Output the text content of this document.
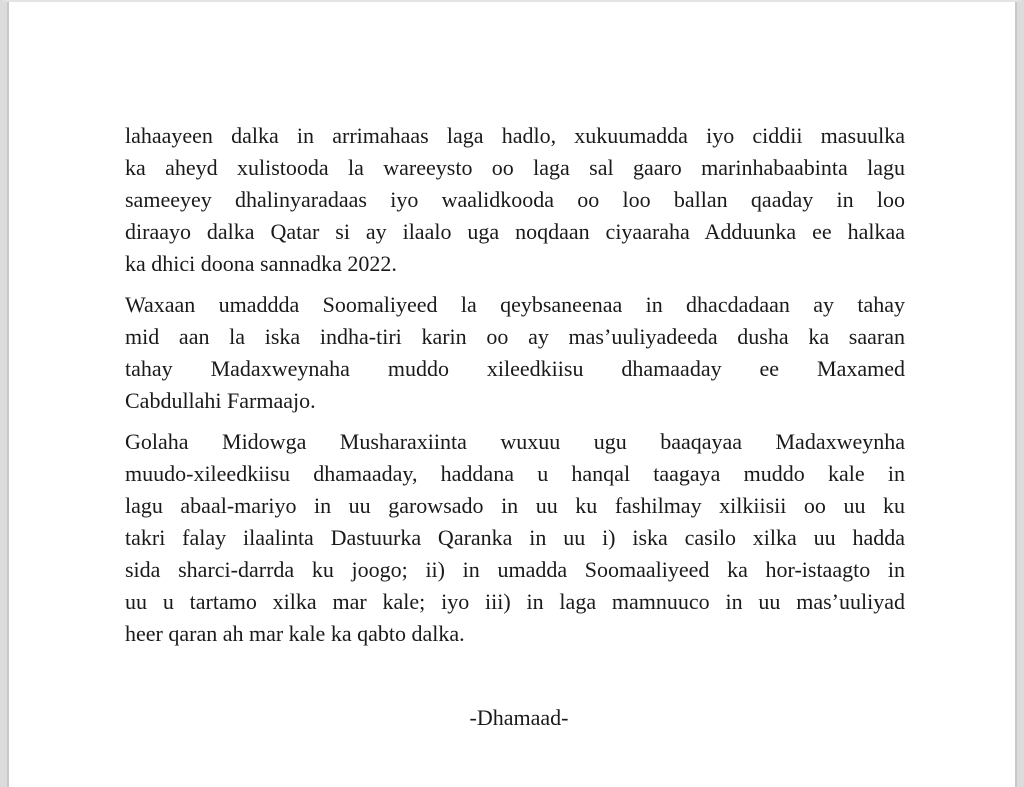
lahaayeen dalka in arrimahaas laga hadlo, xukuumadda iyo ciddii masuulka
ka aheyd xulistooda la wareeysto oo laga sal gaaro marinhabaabinta lagu
sameeyey dhalinyaradaas iyo waalidkooda oo loo ballan qaaday in loo
diraayo dalka Qatar si ay ilaalo uga noqdaan ciyaaraha Adduunka ee halkaa
ka dhici doona sannadka 2022.

Waxaan umaddda Soomaliyeed la qeybsaneenaa in dhacdadaan ay tahay
mid aan la iska indha-tiri karin oo ay mas’uuliyadeeda dusha ka saaran
tahay Madaxweynaha muddo xileedkiisu dhamaaday ee Maxamed
Cabdullahi Farmaajo.

Golaha Midowga Musharaxiinta wuxuu ugu baaqayaa Madaxweynha
muudo-xileedkiisu dhamaaday, haddana u hanqal taagaya muddo kale in
lagu abaal-mariyo in uu garowsado in uu ku fashilmay xilkiisii oo uu ku
takri falay ilaalinta Dastuurka Qaranka in uu i) iska casilo xilka uu hadda
sida sharci-darrda ku joogo; ii) in umadda Soomaaliyeed ka hor-istaagto in
uu u tartamo xilka mar kale; iyo iii) in laga mamnuuco in uu mas’uuliyad
heer qaran ah mar kale ka qabto dalka.

-Dhamaad-
